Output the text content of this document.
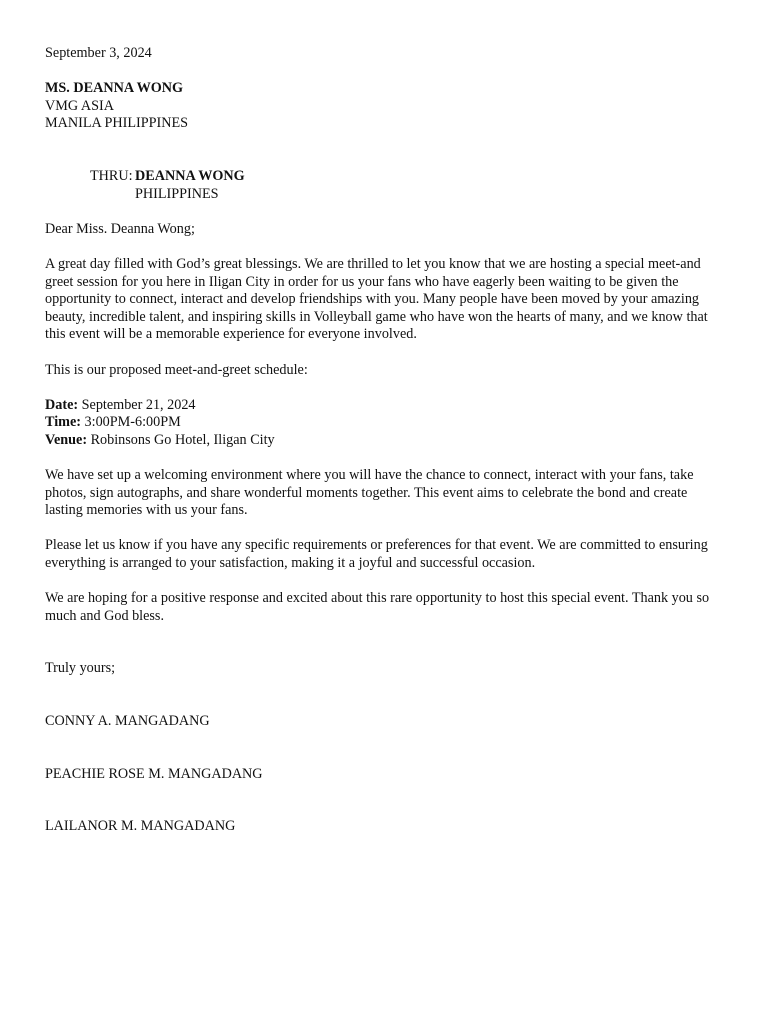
September 3, 2024
MS. DEANNA WONG
VMG ASIA
MANILA PHILIPPINES
THRU: DEANNA WONG
PHILIPPINES
Dear Miss. Deanna Wong;

A great day filled with God’s great blessings. We are thrilled to let you know that we are hosting a special meet-and greet session for you here in Iligan City in order for us your fans who have eagerly been waiting to be given the opportunity to connect, interact and develop friendships with you. Many people have been moved by your amazing beauty, incredible talent, and inspiring skills in Volleyball game who have won the hearts of many, and we know that this event will be a memorable experience for everyone involved.

This is our proposed meet-and-greet schedule:
Date: September 21, 2024
Time: 3:00PM-6:00PM
Venue: Robinsons Go Hotel, Iligan City

We have set up a welcoming environment where you will have the chance to connect, interact with your fans, take photos, sign autographs, and share wonderful moments together. This event aims to celebrate the bond and create lasting memories with us your fans.

Please let us know if you have any specific requirements or preferences for that event. We are committed to ensuring everything is arranged to your satisfaction, making it a joyful and successful occasion.

We are hoping for a positive response and excited about this rare opportunity to host this special event. Thank you so much and God bless.

Truly yours;
CONNY A. MANGADANG
PEACHIE ROSE M. MANGADANG
LAILANOR M. MANGADANG
